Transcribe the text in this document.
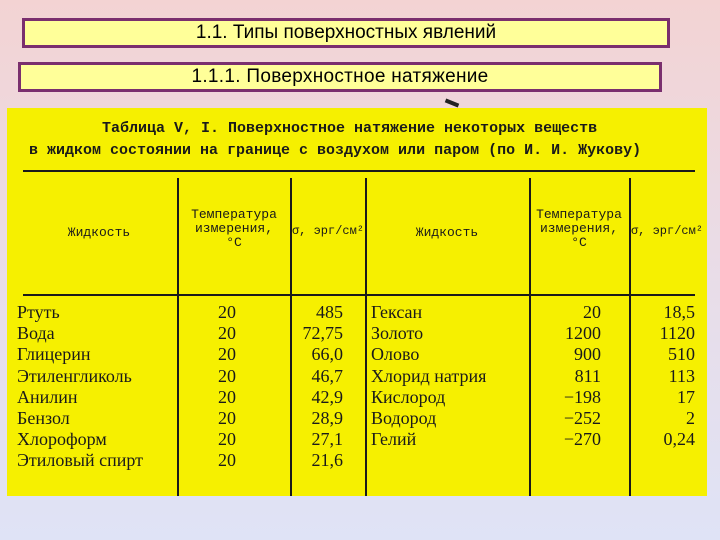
1.1. Типы поверхностных явлений
1.1.1. Поверхностное натяжение
Таблица V, I. Поверхностное натяжение некоторых веществ
в жидком состоянии на границе с воздухом или паром (по И. И. Жукову)
Жидкость
Температура
измерения,
°С
σ, эрг/см²	Жидкость
Температура
измерения,
°С
σ, эрг/см²
Ртуть
Вода
Глицерин
Этиленгликоль
Анилин
Бензол
Хлороформ
Этиловый спирт
20
20
20
20
20
20
20
20
485
72,75
66,0
46,7
42,9
28,9
27,1
21,6
Гексан
Золото
Олово
Хлорид натрия
Кислород
Водород
Гелий
20
1200
900
811
−198
−252
−270
18,5
1120
510
113
17
2
0,24
